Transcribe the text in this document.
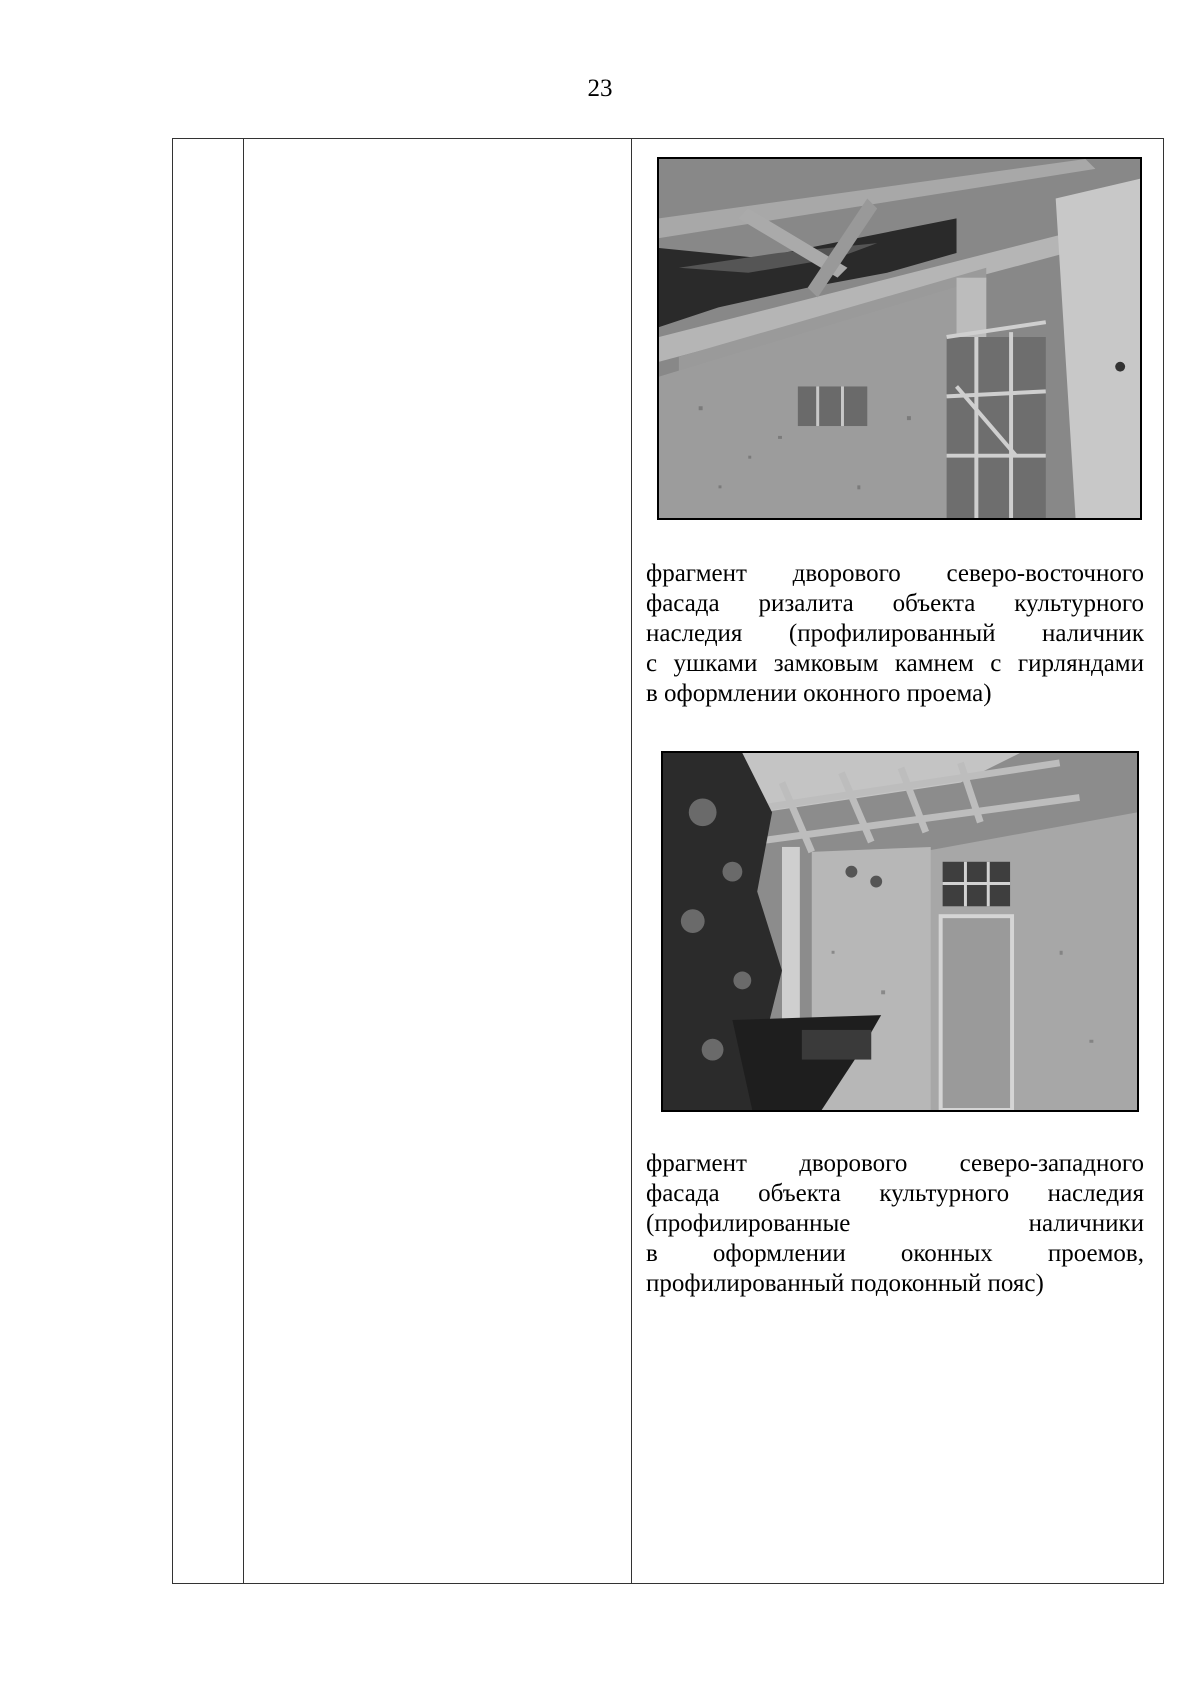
23
фрагмент дворового северо-восточного
фасада ризалита объекта культурного
наследия (профилированный наличник
с ушками замковым камнем с гирляндами
в оформлении оконного проема)
фрагмент дворового северо-западного
фасада объекта культурного наследия
(профилированные наличники
в оформлении оконных проемов,
профилированный подоконный пояс)
